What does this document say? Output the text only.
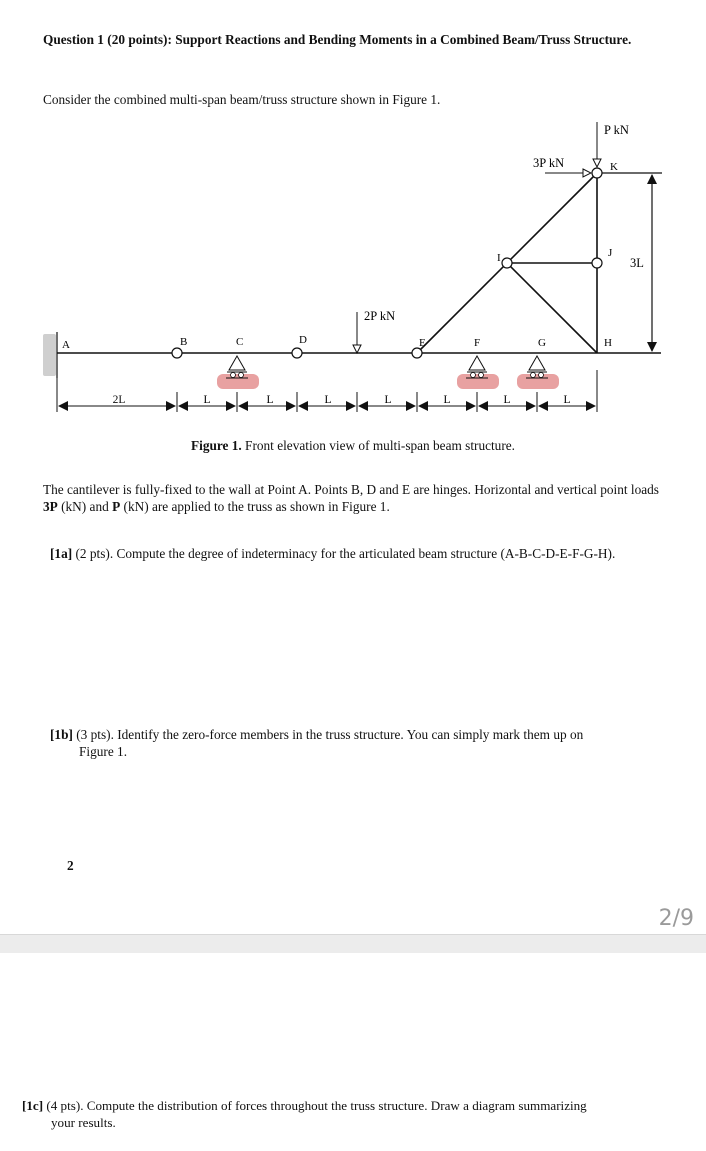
Question 1 (20 points): Support Reactions and Bending Moments in a Combined Beam/Truss Structure.
Consider the combined multi-span beam/truss structure shown in Figure 1.
3L
2P kN
P kN
3P kN
A	B	C	D	E	F	G	H
I	J
K
2L	L	L	L	L	L	L	L
Figure 1. Front elevation view of multi-span beam structure.
The cantilever is fully-fixed to the wall at Point A. Points B, D and E are hinges. Horizontal and vertical point loads 3P (kN) and P (kN) are applied to the truss as shown in Figure 1.
[1a] (2 pts). Compute the degree of indeterminacy for the articulated beam structure (A-B-C-D-E-F-G-H).
[1b] (3 pts). Identify the zero-force members in the truss structure. You can simply mark them up on
Figure 1.
2
2/9
[1c] (4 pts). Compute the distribution of forces throughout the truss structure. Draw a diagram summarizing
your results.
